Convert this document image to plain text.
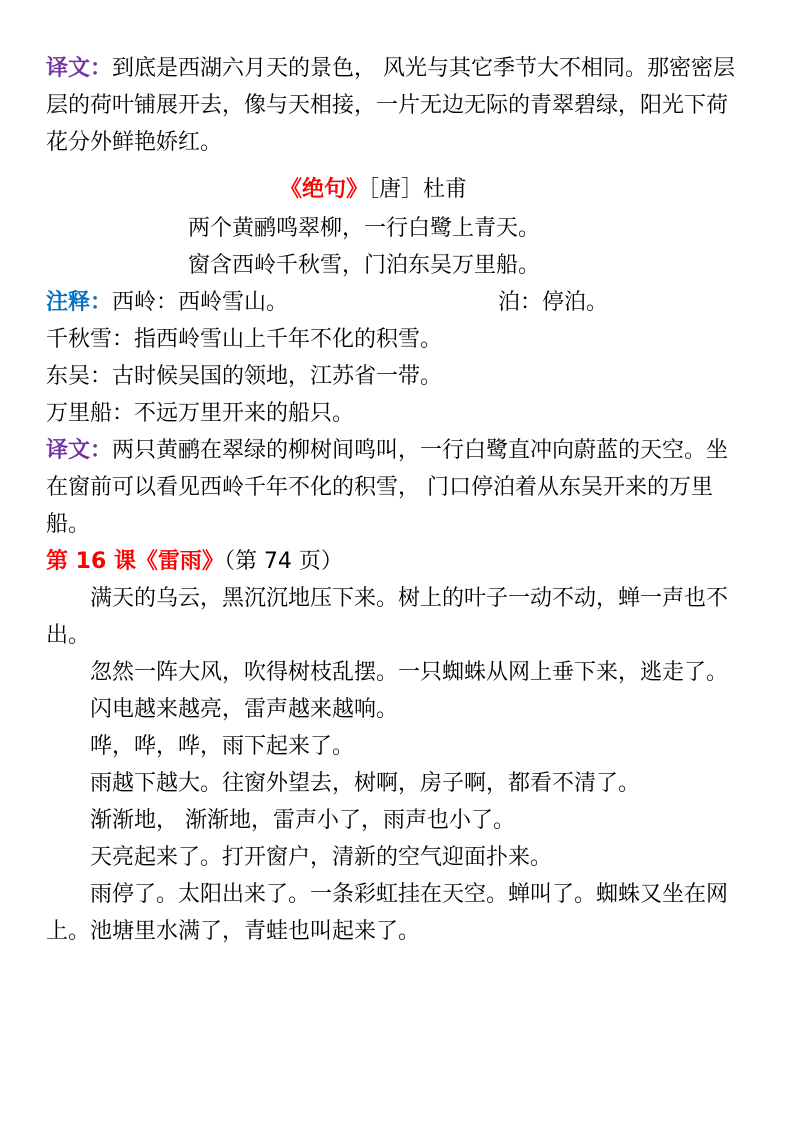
译文：到底是西湖六月天的景色， 风光与其它季节大不相同。那密密层层的荷叶铺展开去，像与天相接，一片无边无际的青翠碧绿，阳光下荷花分外鲜艳娇红。
《绝句》［唐］杜甫
两个黄鹂鸣翠柳，一行白鹭上青天。
窗含西岭千秋雪，门泊东吴万里船。
注释：西岭：西岭雪山。	泊：停泊。
千秋雪：指西岭雪山上千年不化的积雪。
东吴：古时候吴国的领地，江苏省一带。
万里船：不远万里开来的船只。
译文：两只黄鹂在翠绿的柳树间鸣叫，一行白鹭直冲向蔚蓝的天空。坐在窗前可以看见西岭千年不化的积雪， 门口停泊着从东吴开来的万里船。
第 16 课《雷雨》（第 74 页）
满天的乌云，黑沉沉地压下来。树上的叶子一动不动，蝉一声也不出。
忽然一阵大风，吹得树枝乱摆。一只蜘蛛从网上垂下来，逃走了。
闪电越来越亮，雷声越来越响。
哗，哗，哗，雨下起来了。
雨越下越大。往窗外望去，树啊，房子啊，都看不清了。
渐渐地， 渐渐地，雷声小了，雨声也小了。
天亮起来了。打开窗户，清新的空气迎面扑来。
雨停了。太阳出来了。一条彩虹挂在天空。蝉叫了。蜘蛛又坐在网上。池塘里水满了，青蛙也叫起来了。
